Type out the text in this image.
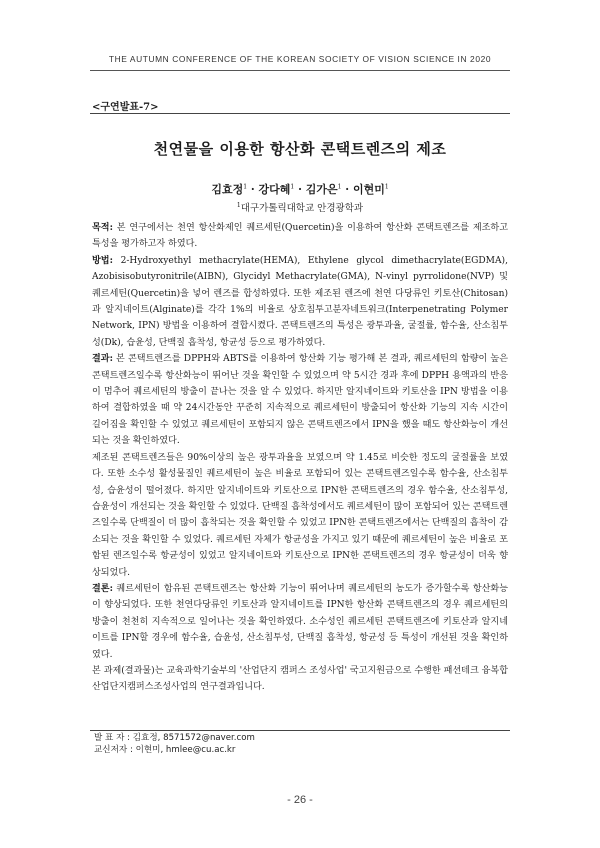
THE AUTUMN CONFERENCE OF THE KOREAN SOCIETY OF VISION SCIENCE IN 2020
<구연발표-7>
천연물을 이용한 항산화 콘택트렌즈의 제조
김효정$^1$ · 강다혜$^1$ · 김가은$^1$ · 이현미$^1$
$^1$대구가톨릭대학교 안경광학과

목적: 본 연구에서는 천연 항산화제인 퀘르세틴(Quercetin)을 이용하여 항산화 콘택트렌즈를 제조하고 특성을 평가하고자 하였다.

방법: 2-Hydroxyethyl methacrylate(HEMA), Ethylene glycol dimethacrylate(EGDMA), Azobisisobutyronitrile(AIBN), Glycidyl Methacrylate(GMA), N-vinyl pyrrolidone(NVP) 및 퀘르세틴(Quercetin)을 넣어 렌즈를 합성하였다. 또한 제조된 렌즈에 천연 다당류인 키토산(Chitosan)과 알지네이트(Alginate)를 각각 1%의 비율로 상호침투고분자네트워크(Interpenetrating Polymer Network, IPN) 방법을 이용하여 결합시켰다. 콘택트렌즈의 특성은 광투과율, 굴절률, 함수율, 산소침투성(Dk), 습윤성, 단백질 흡착성, 항균성 등으로 평가하였다.

결과: 본 콘택트렌즈를 DPPH와 ABTS를 이용하여 항산화 기능 평가해 본 결과, 퀘르세틴의 함량이 높은 콘택트렌즈일수록 항산화능이 뛰어난 것을 확인할 수 있었으며 약 5시간 경과 후에 DPPH 용액과의 반응이 멈추어 퀘르세틴의 방출이 끝나는 것을 알 수 있었다. 하지만 알지네이트와 키토산을 IPN 방법을 이용하여 결합하였을 때 약 24시간동안 꾸준히 지속적으로 퀘르세틴이 방출되어 항산화 기능의 지속 시간이 길어짐을 확인할 수 있었고 퀘르세틴이 포함되지 않은 콘택트렌즈에서 IPN을 했을 때도 항산화능이 개선되는 것을 확인하였다.

제조된 콘택트렌즈들은 90%이상의 높은 광투과율을 보였으며 약 1.45로 비슷한 정도의 굴절률을 보였다. 또한 소수성 활성물질인 퀘르세틴이 높은 비율로 포함되어 있는 콘택트렌즈일수록 함수율, 산소침투성, 습윤성이 떨어졌다. 하지만 알지네이트와 키토산으로 IPN한 콘택트렌즈의 경우 함수율, 산소침투성, 습윤성이 개선되는 것을 확인할 수 있었다. 단백질 흡착성에서도 퀘르세틴이 많이 포함되어 있는 콘택트렌즈일수록 단백질이 더 많이 흡착되는 것을 확인할 수 있었고 IPN한 콘택트렌즈에서는 단백질의 흡착이 감소되는 것을 확인할 수 있었다. 퀘르세틴 자체가 항균성을 가지고 있기 때문에 퀘르세틴이 높은 비율로 포함된 렌즈일수록 항균성이 있었고 알지네이트와 키토산으로 IPN한 콘택트렌즈의 경우 항균성이 더욱 향상되었다.

결론: 퀘르세틴이 함유된 콘택트렌즈는 항산화 기능이 뛰어나며 퀘르세틴의 농도가 증가할수록 항산화능이 향상되었다. 또한 천연다당류인 키토산과 알지네이트를 IPN한 항산화 콘택트렌즈의 경우 퀘르세틴의 방출이 천천히 지속적으로 일어나는 것을 확인하였다. 소수성인 퀘르세틴 콘택트렌즈에 키토산과 알지네이트를 IPN할 경우에 함수율, 습윤성, 산소침투성, 단백질 흡착성, 항균성 등 특성이 개선된 것을 확인하였다.

본 과제(결과물)는 교육과학기술부의 '산업단지 캠퍼스 조성사업' 국고지원금으로 수행한 패션테크 융복합 산업단지캠퍼스조성사업의 연구결과입니다.

발 표 자 : 김효정, 8571572@naver.com
교신저자 : 이현미, hmlee@cu.ac.kr
- 26 -
